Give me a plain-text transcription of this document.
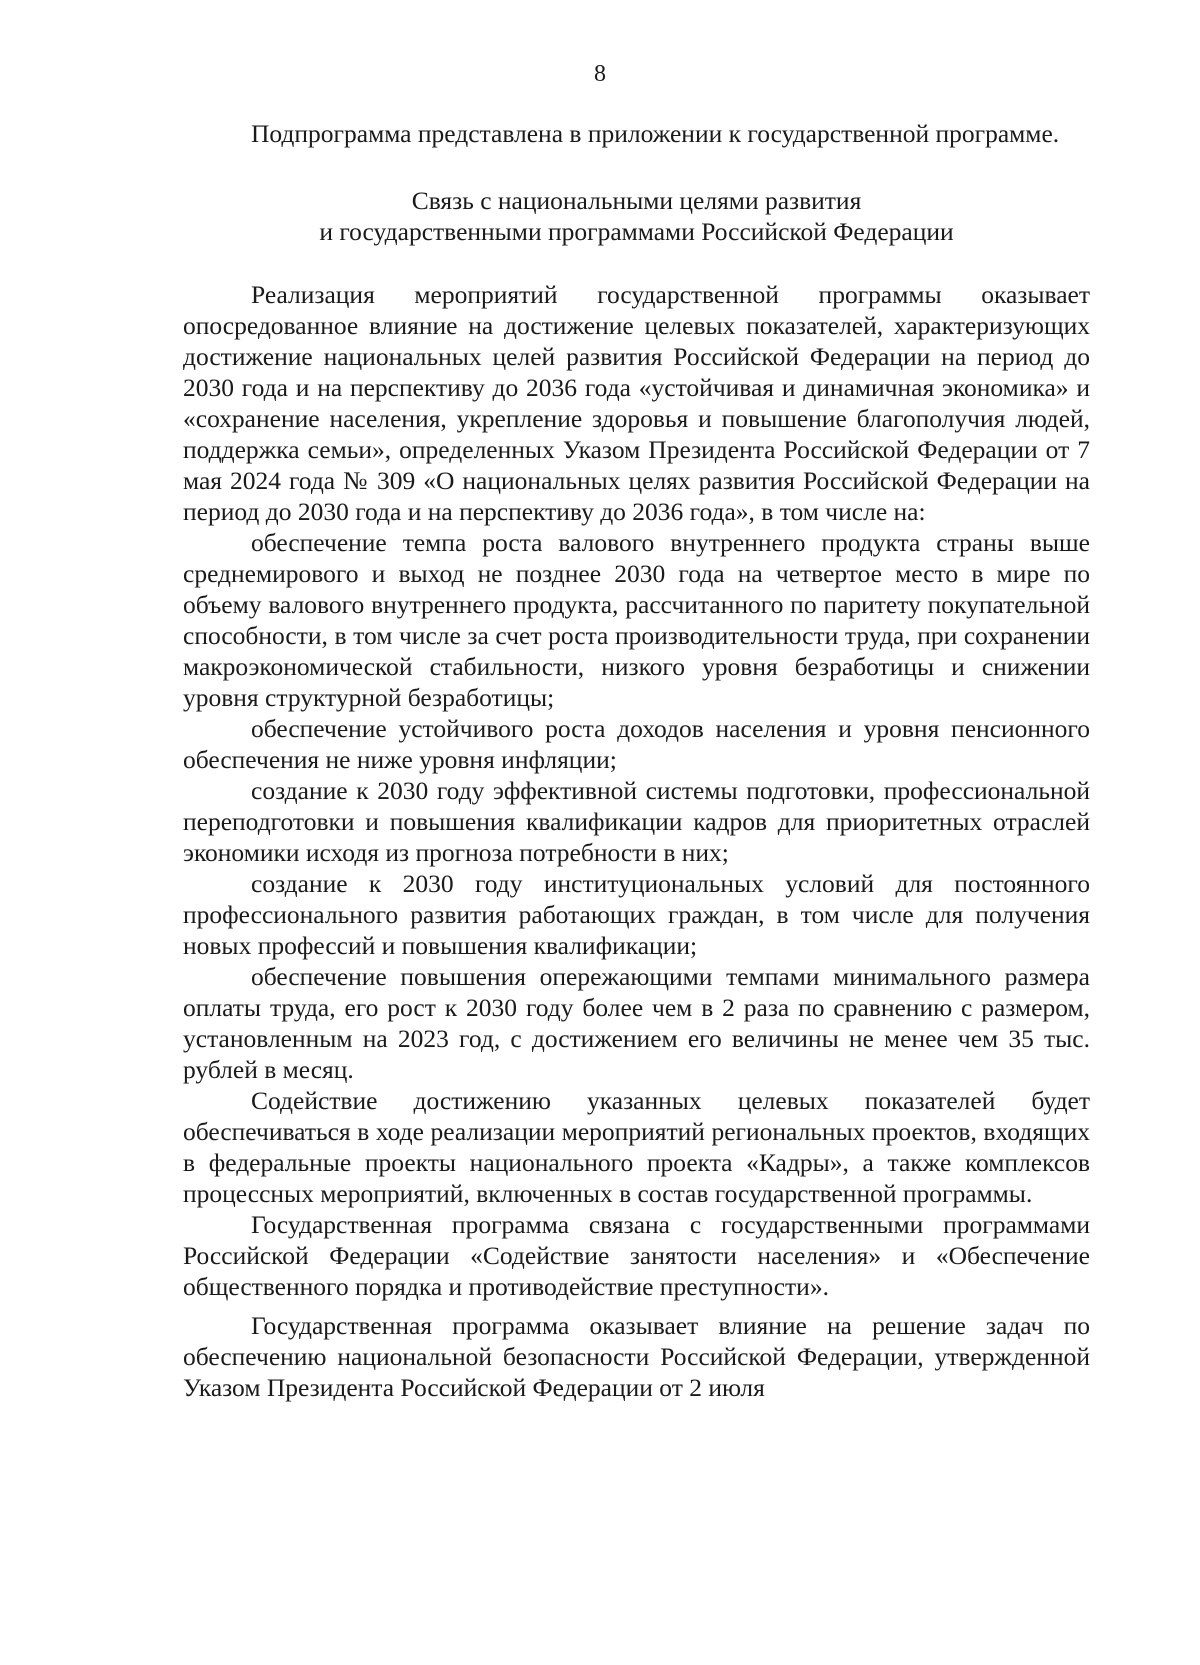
8

Подпрограмма представлена в приложении к государственной программе.

Связь с национальными целями развития
и государственными программами Российской Федерации

Реализация мероприятий государственной программы оказывает опосредованное влияние на достижение целевых показателей, характеризующих достижение национальных целей развития Российской Федерации на период до 2030 года и на перспективу до 2036 года «устойчивая и динамичная экономика» и «сохранение населения, укрепление здоровья и повышение благополучия людей, поддержка семьи», определенных Указом Президента Российской Федерации от 7 мая 2024 года № 309 «О национальных целях развития Российской Федерации на период до 2030 года и на перспективу до 2036 года», в том числе на:

обеспечение темпа роста валового внутреннего продукта страны выше среднемирового и выход не позднее 2030 года на четвертое место в мире по объему валового внутреннего продукта, рассчитанного по паритету покупательной способности, в том числе за счет роста производительности труда, при сохранении макроэкономической стабильности, низкого уровня безработицы и снижении уровня структурной безработицы;

обеспечение устойчивого роста доходов населения и уровня пенсионного обеспечения не ниже уровня инфляции;

создание к 2030 году эффективной системы подготовки, профессиональной переподготовки и повышения квалификации кадров для приоритетных отраслей экономики исходя из прогноза потребности в них;

создание к 2030 году институциональных условий для постоянного профессионального развития работающих граждан, в том числе для получения новых профессий и повышения квалификации;

обеспечение повышения опережающими темпами минимального размера оплаты труда, его рост к 2030 году более чем в 2 раза по сравнению с размером, установленным на 2023 год, с достижением его величины не менее чем 35 тыс. рублей в месяц.

Содействие достижению указанных целевых показателей будет обеспечиваться в ходе реализации мероприятий региональных проектов, входящих в федеральные проекты национального проекта «Кадры», а также комплексов процессных мероприятий, включенных в состав государственной программы.

Государственная программа связана с государственными программами Российской Федерации «Содействие занятости населения» и «Обеспечение общественного порядка и противодействие преступности».

Государственная программа оказывает влияние на решение задач по обеспечению национальной безопасности Российской Федерации, утвержденной Указом Президента Российской Федерации от 2 июля
